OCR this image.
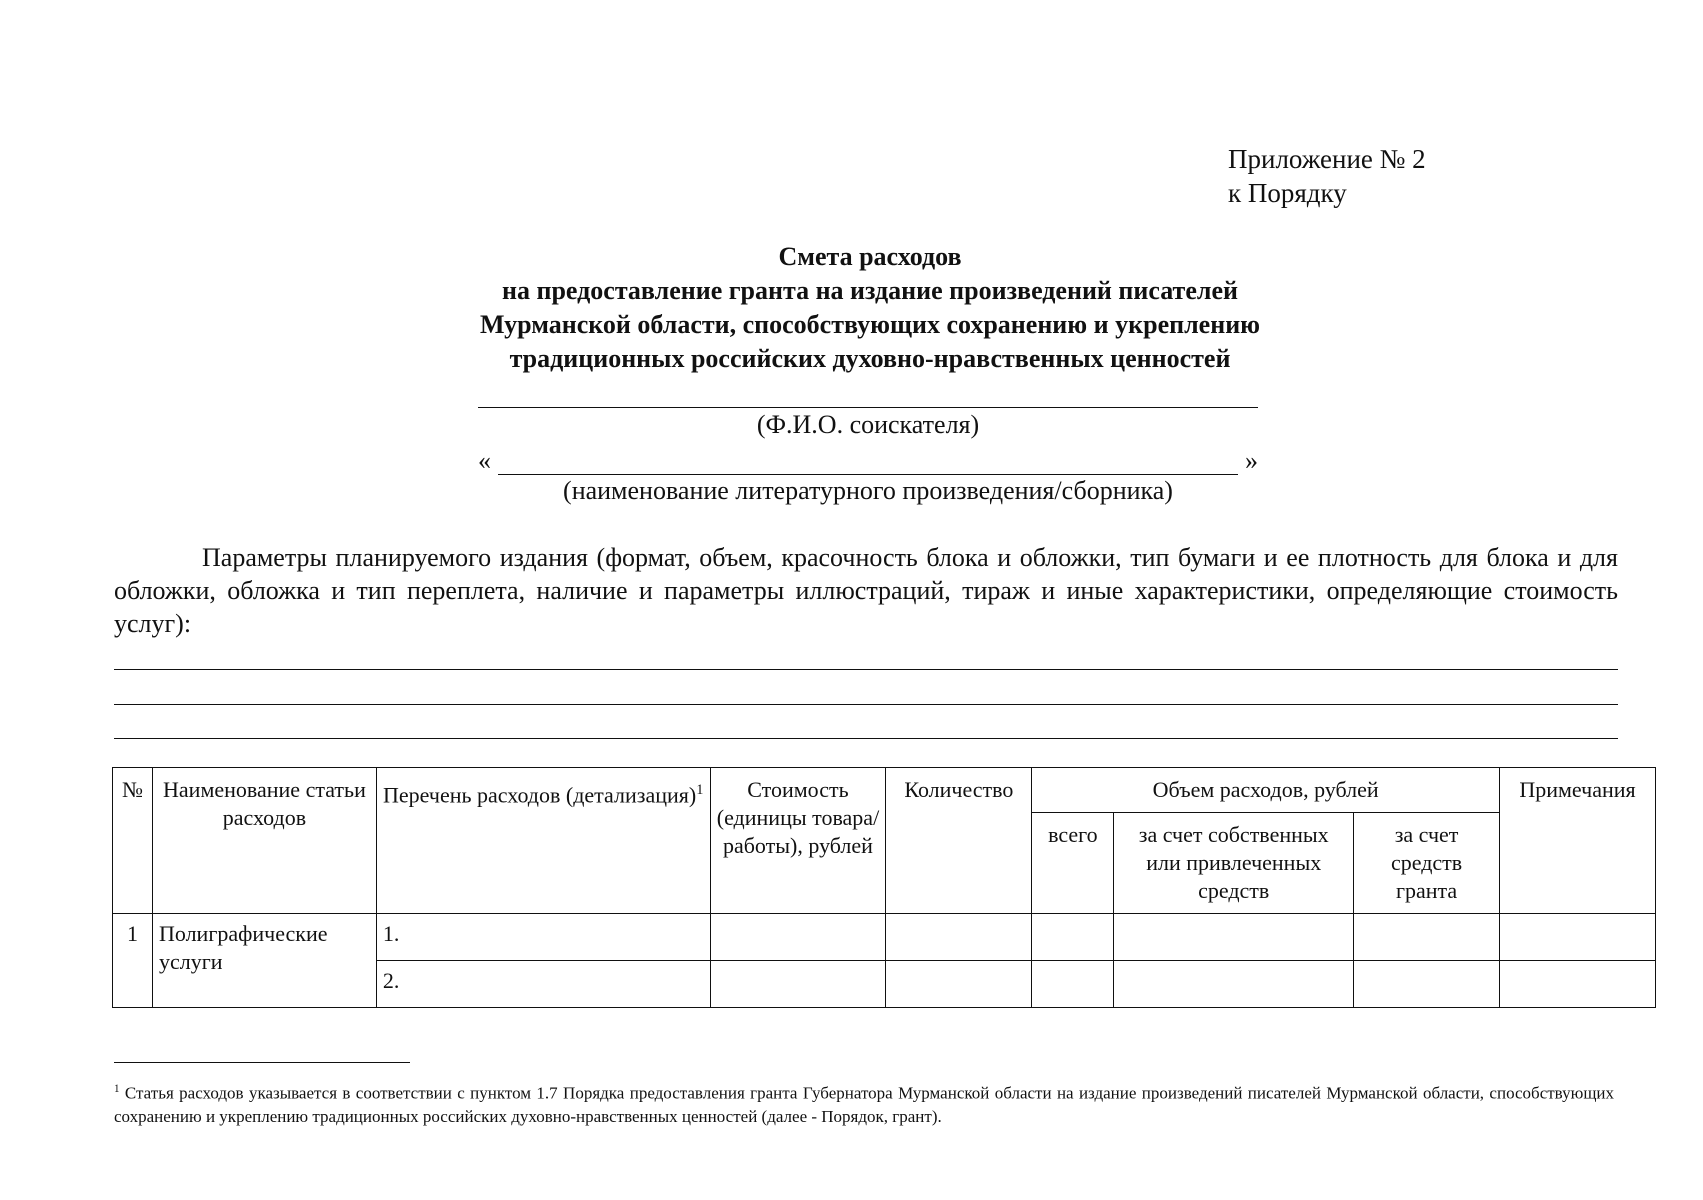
Приложение № 2
к Порядку
Смета расходов
на предоставление гранта на издание произведений писателей
Мурманской области, способствующих сохранению и укреплению
традиционных российских духовно-нравственных ценностей
(Ф.И.О. соискателя)
«	»
(наименование литературного произведения/сборника)
Параметры планируемого издания (формат, объем, красочность блока и обложки, тип бумаги и ее плотность для блока и для обложки, обложка и тип переплета, наличие и параметры иллюстраций, тираж и иные характеристики, определяющие стоимость услуг):
№	Наименование статьи расходов	Перечень расходов (детализация)$^1$	Стоимость (единицы товара/ работы), рублей	Количество	Объем расходов, рублей			Примечания
					всего	за счет собственных или привлеченных средств	за счет средств гранта	
1	Полиграфические услуги	1.						
		2.						
$^1$ Статья расходов указывается в соответствии с пунктом 1.7 Порядка предоставления гранта Губернатора Мурманской области на издание произведений писателей Мурманской области, способствующих сохранению и укреплению традиционных российских духовно-нравственных ценностей (далее - Порядок, грант).
